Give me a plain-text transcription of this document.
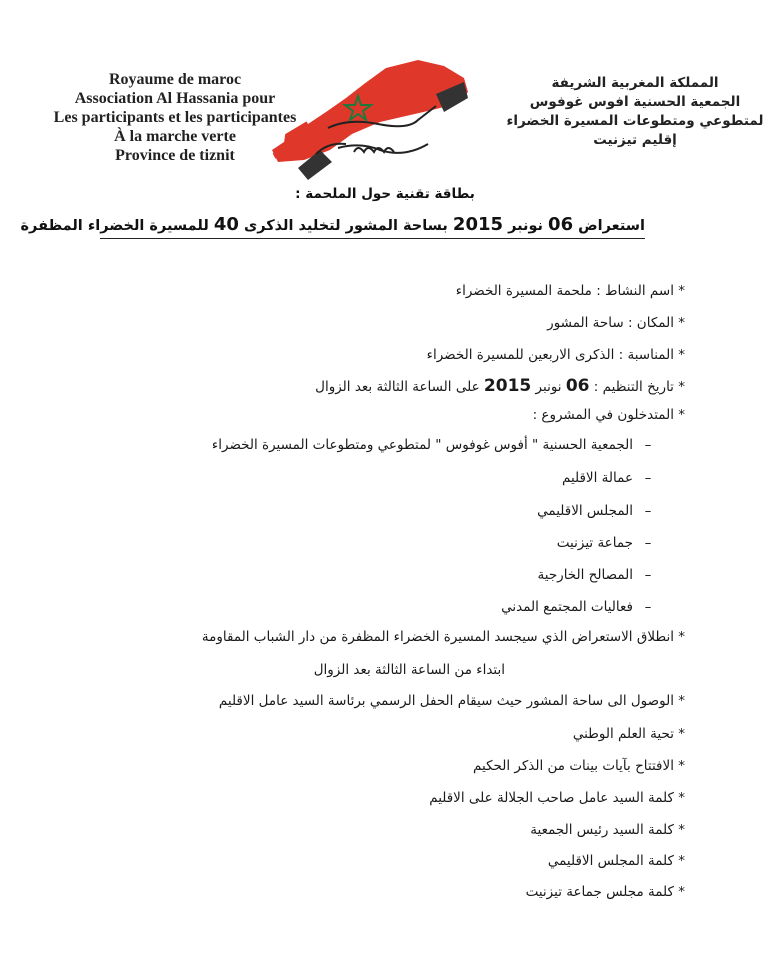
Royaume de maroc
Association Al Hassania pour
Les participants et les participantes
À la marche verte
Province de tiznit
المملكة المغربية الشريفة
الجمعية الحسنية افوس غوفوس
لمتطوعي ومتطوعات المسيرة الخضراء
إقليم تيزنيت
بطاقة تقنية حول الملحمة :
استعراض 06 نونبر 2015 بساحة المشور لتخليد الذكرى 40 للمسيرة الخضراء المظفرة
* اسم النشاط : ملحمة المسيرة الخضراء
* المكان : ساحة المشور
* المناسبة : الذكرى الاربعين للمسيرة الخضراء
* تاريخ التنظيم : 06 نونبر 2015 على الساعة الثالثة بعد الزوال
* المتدخلون في المشروع :
–الجمعية الحسنية " أفوس غوفوس " لمتطوعي ومتطوعات المسيرة الخضراء
–عمالة الاقليم
–المجلس الاقليمي
–جماعة تيزنيت
–المصالح الخارجية
–فعاليات المجتمع المدني
* انطلاق الاستعراض الذي سيجسد المسيرة الخضراء المظفرة من دار الشباب المقاومة
ابتداء من الساعة الثالثة بعد الزوال
* الوصول الى ساحة المشور حيث سيقام الحفل الرسمي برئاسة السيد عامل الاقليم
* تحية العلم الوطني
* الافتتاح بآيات بينات من الذكر الحكيم
* كلمة السيد عامل صاحب الجلالة على الاقليم
* كلمة السيد رئيس الجمعية
* كلمة المجلس الاقليمي
* كلمة مجلس جماعة تيزنيت
